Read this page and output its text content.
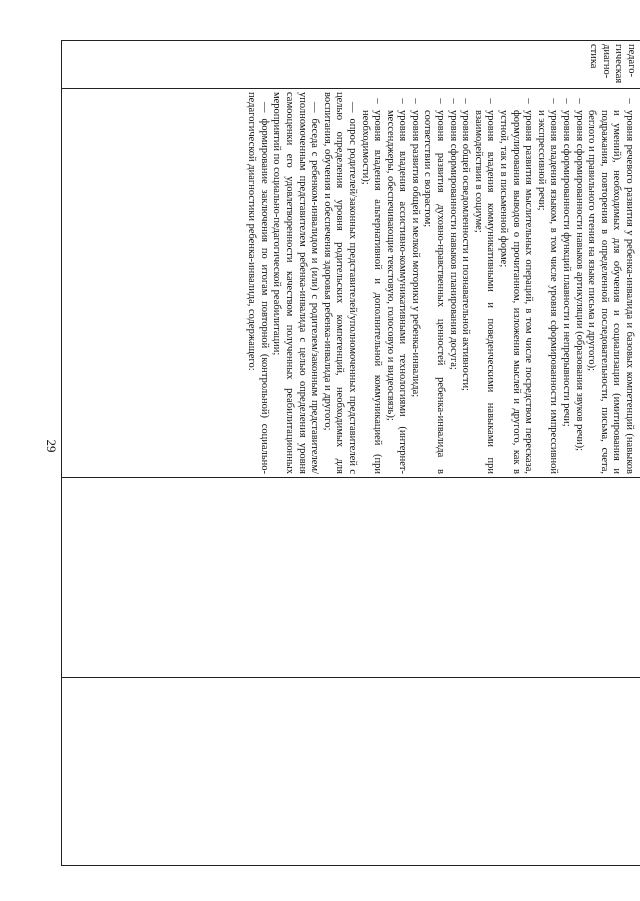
29
педаго-
гическая
диагно-
стика
–
уровня речевого развития у ребенка-инвалида и базовых компетенций (навыков и умений), необходимых для обучения и социализации (имитирования и подражания, повторения в определенной последовательности, письма, счета, беглого и правильного чтения на языке письма и другого);
–
уровня сформированности навыков артикуляции (образования звуков речи);
–
уровня сформированности функций плавности и непрерывности речи;
–
уровня владения языком, в том числе уровня сформированности импрессивной и экспрессивной речи;
–
уровня развития мыслительных операций, в том числе посредством пересказа, формулирования выводов о прочитанном, изложения мыслей и другого, как в устной, так и в письменной форме;
–
уровня владения коммуникативными и поведенческими навыками при взаимодействии в социуме;
–
уровня общей осведомленности и познавательной активности;
–
уровня сформированности навыков планирования досуга;
–
уровня развития духовно-нравственных ценностей ребенка-инвалида в соответствии с возрастом;
–
уровня развития общей и мелкой моторики у ребенка-инвалида;
–
уровня владения ассистивно-коммуникативными технологиями (интернет-мессенджеры, обеспечивающие текстовую, голосовую и видеосвязь);
–
уровня владения альтернативной и дополнительной коммуникацией (при необходимости);
—опрос родителей/законных представителей/уполномоченных представителей с целью определения уровня родительских компетенций, необходимых для воспитания, обучения и обеспечения здоровья ребенка-инвалида и другого;
—беседа с ребенком-инвалидом и (или) с родителем/законным представителем/уполномоченным представителем ребенка-инвалида с целью определения уровня самооценки его удовлетворенности качеством полученных реабилитационных мероприятий по социально-педагогической реабилитации;
—формирование заключения по итогам повторной (контрольной) социально-педагогической диагностики ребенка-инвалида, содержащего:
